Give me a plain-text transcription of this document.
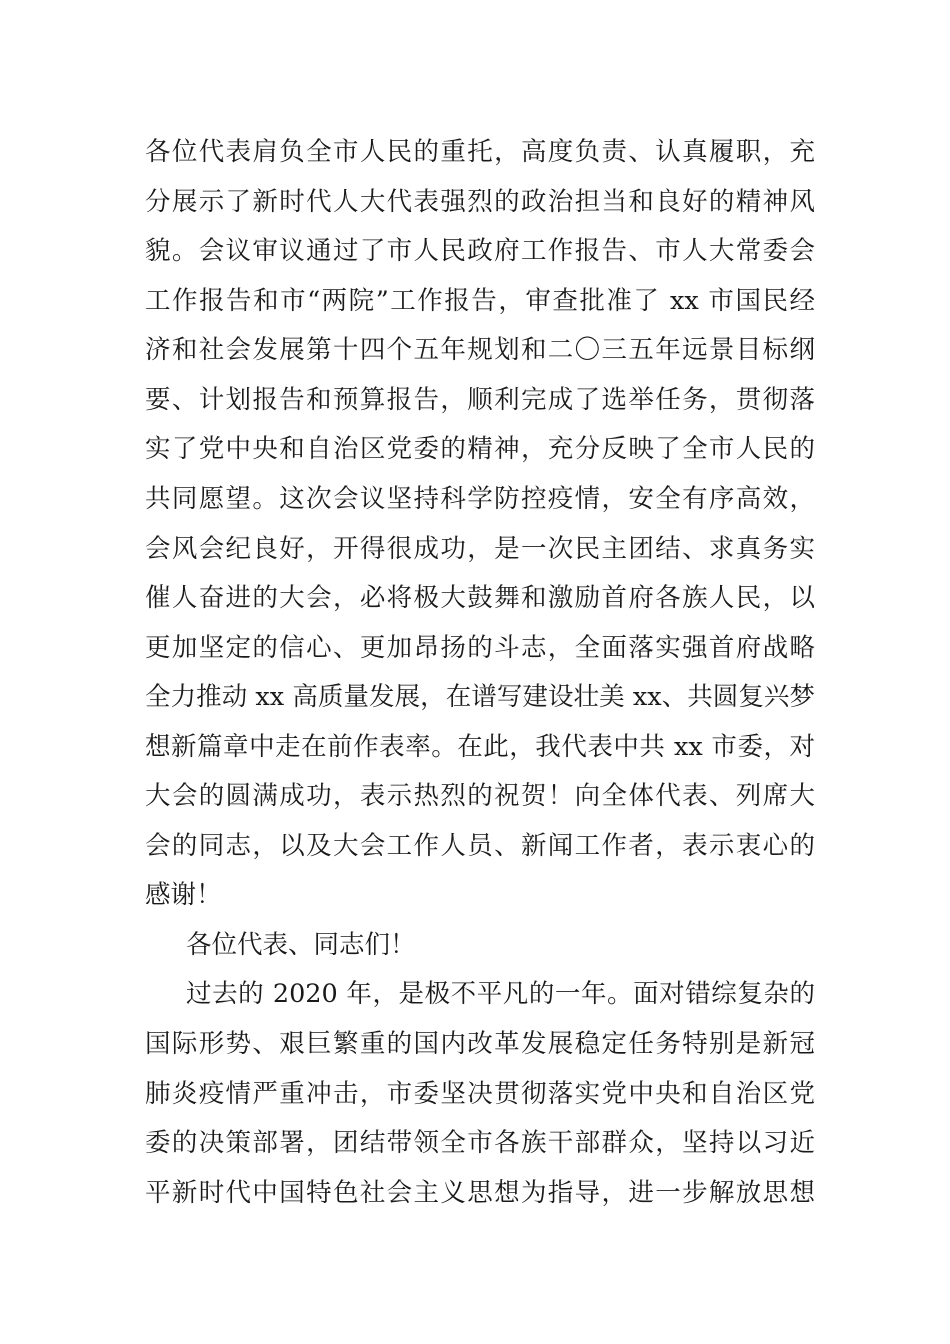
各位代表肩负全市人民的重托，高度负责、认真履职，充
分展示了新时代人大代表强烈的政治担当和良好的精神风
貌。会议审议通过了市人民政府工作报告、市人大常委会
工作报告和市“两院”工作报告，审查批准了 xx 市国民经
济和社会发展第十四个五年规划和二〇三五年远景目标纲
要、计划报告和预算报告，顺利完成了选举任务，贯彻落
实了党中央和自治区党委的精神，充分反映了全市人民的
共同愿望。这次会议坚持科学防控疫情，安全有序高效，
会风会纪良好，开得很成功，是一次民主团结、求真务实
催人奋进的大会，必将极大鼓舞和激励首府各族人民，以
更加坚定的信心、更加昂扬的斗志，全面落实强首府战略
全力推动 xx 高质量发展，在谱写建设壮美 xx、共圆复兴梦
想新篇章中走在前作表率。在此，我代表中共 xx 市委，对
大会的圆满成功，表示热烈的祝贺！向全体代表、列席大
会的同志，以及大会工作人员、新闻工作者，表示衷心的
感谢！
各位代表、同志们！
过去的 2020 年，是极不平凡的一年。面对错综复杂的
国际形势、艰巨繁重的国内改革发展稳定任务特别是新冠
肺炎疫情严重冲击，市委坚决贯彻落实党中央和自治区党
委的决策部署，团结带领全市各族干部群众，坚持以习近
平新时代中国特色社会主义思想为指导，进一步解放思想
